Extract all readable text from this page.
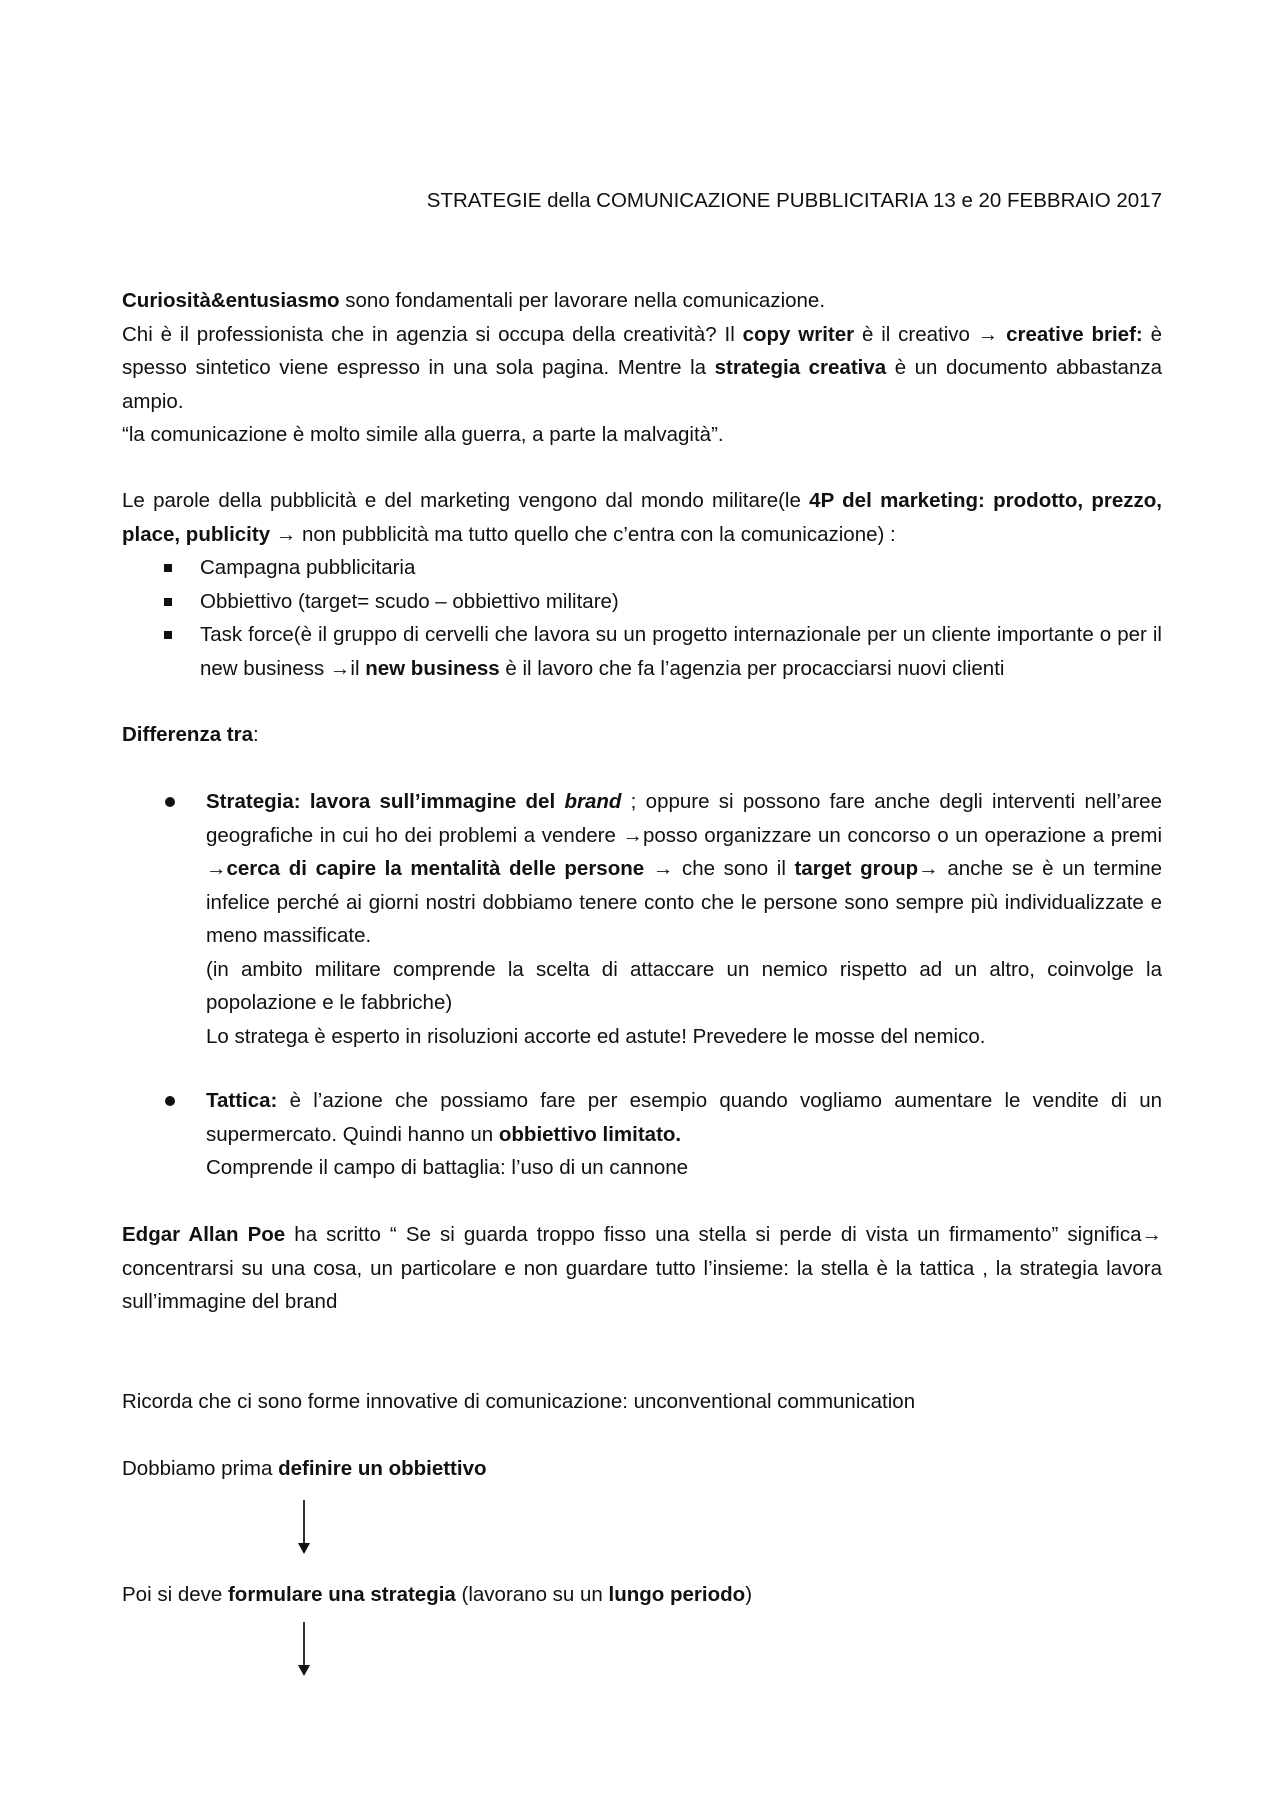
STRATEGIE della COMUNICAZIONE PUBBLICITARIA 13 e 20 FEBBRAIO 2017
Curiosità&entusiasmo sono fondamentali per lavorare nella comunicazione.
Chi è il professionista che in agenzia si occupa della creatività? Il copy writer è il creativo → creative brief: è spesso sintetico viene espresso in una sola pagina. Mentre la strategia creativa è un documento abbastanza ampio.
“la comunicazione è molto simile alla guerra, a parte la malvagità”.
Le parole della pubblicità e del marketing vengono dal mondo militare(le 4P del marketing: prodotto, prezzo, place, publicity → non pubblicità ma tutto quello che c’entra con la comunicazione) :
Campagna pubblicitaria
Obbiettivo (target= scudo – obbiettivo militare)
Task force(è il gruppo di cervelli che lavora su un progetto internazionale per un cliente importante o per il new business →il new business è il lavoro che fa l’agenzia per procacciarsi nuovi clienti
Differenza tra:
Strategia: lavora sull’immagine del brand ; oppure si possono fare anche degli interventi nell’aree geografiche in cui ho dei problemi a vendere →posso organizzare un concorso o un operazione a premi →cerca di capire la mentalità delle persone → che sono il target group→ anche se è un termine infelice perché ai giorni nostri dobbiamo tenere conto che le persone sono sempre più individualizzate e meno massificate.
(in ambito militare comprende la scelta di attaccare un nemico rispetto ad un altro, coinvolge la popolazione e le fabbriche)
Lo stratega è esperto in risoluzioni accorte ed astute! Prevedere le mosse del nemico.
Tattica: è l’azione che possiamo fare per esempio quando vogliamo aumentare le vendite di un supermercato. Quindi hanno un obbiettivo limitato.
Comprende il campo di battaglia: l’uso di un cannone
Edgar Allan Poe ha scritto “ Se si guarda troppo fisso una stella si perde di vista un firmamento” significa→ concentrarsi su una cosa, un particolare e non guardare tutto l’insieme: la stella è la tattica , la strategia lavora sull’immagine del brand
Ricorda che ci sono forme innovative di comunicazione: unconventional communication
Dobbiamo prima definire un obbiettivo
Poi si deve formulare una strategia (lavorano su un lungo periodo)
